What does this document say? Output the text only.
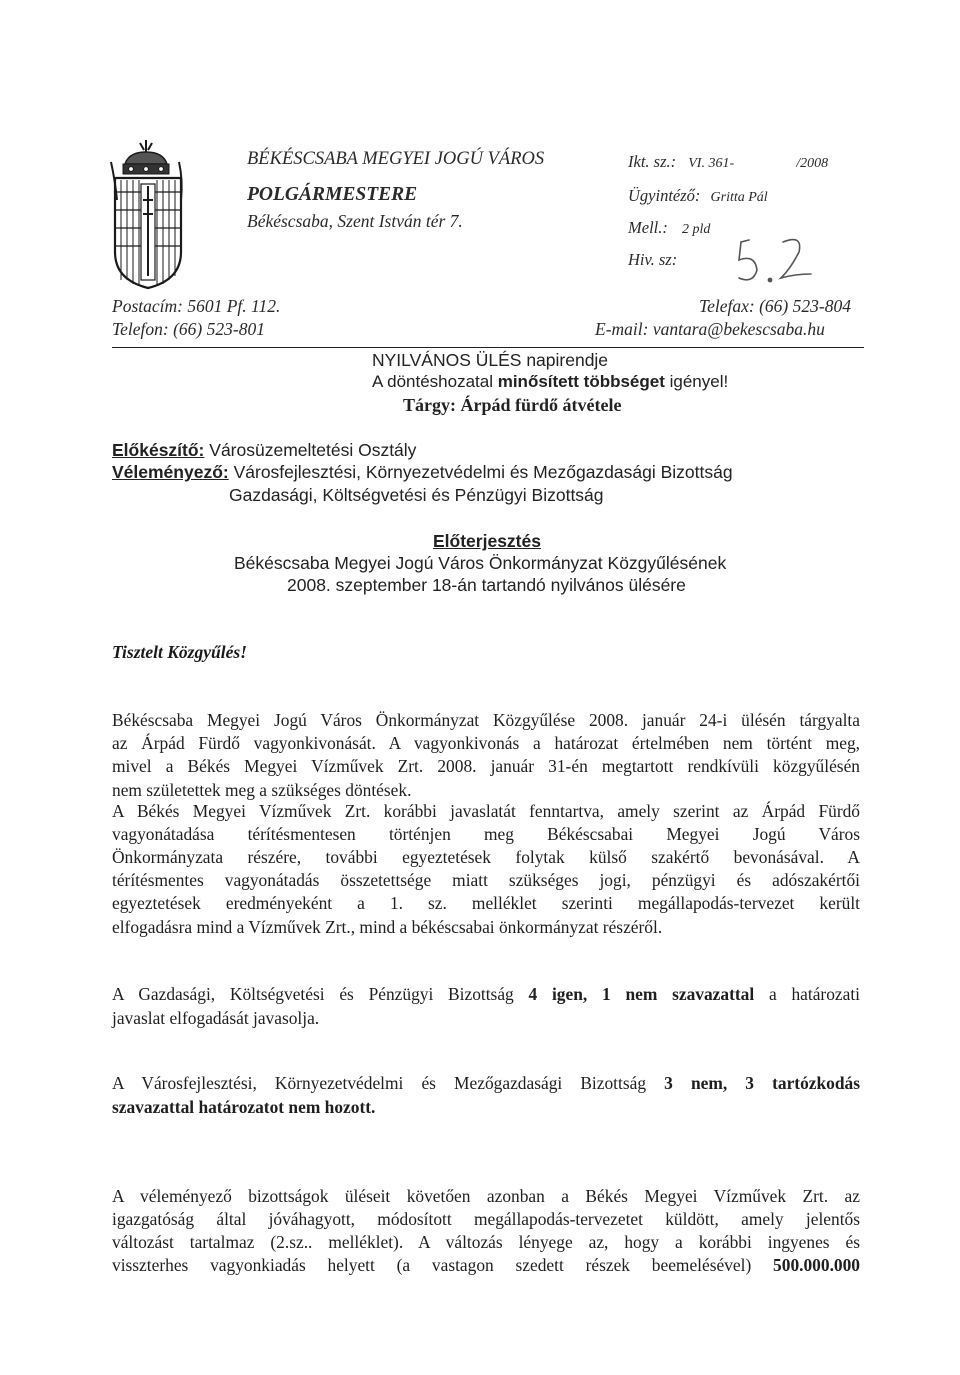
BÉKÉSCSABA MEGYEI JOGÚ VÁROS
POLGÁRMESTERE
Békéscsaba, Szent István tér 7.
Ikt. sz.: VI. 361-	/2008
Ügyintéző: Gritta Pál
Mell.: 2 pld
Hiv. sz:
5.2
Postacím: 5601 Pf. 112.
Telefon: (66) 523-801
Telefax: (66) 523-804
E-mail: vantara@bekescsaba.hu
NYILVÁNOS ÜLÉS napirendje
A döntéshozatal minősített többséget igényel!
Tárgy: Árpád fürdő átvétele
Előkészítő: Városüzemeltetési Osztály
Véleményező: Városfejlesztési, Környezetvédelmi és Mezőgazdasági Bizottság
Gazdasági, Költségvetési és Pénzügyi Bizottság
Előterjesztés
Békéscsaba Megyei Jogú Város Önkormányzat Közgyűlésének
2008. szeptember 18-án tartandó nyilvános ülésére
Tisztelt Közgyűlés!
Békéscsaba Megyei Jogú Város Önkormányzat Közgyűlése 2008. január 24-i ülésén tárgyalta
az Árpád Fürdő vagyonkivonását. A vagyonkivonás a határozat értelmében nem történt meg,
mivel a Békés Megyei Vízművek Zrt. 2008. január 31-én megtartott rendkívüli közgyűlésén
nem születettek meg a szükséges döntések.
A Békés Megyei Vízművek Zrt. korábbi javaslatát fenntartva, amely szerint az Árpád Fürdő
vagyonátadása térítésmentesen történjen meg Békéscsabai Megyei Jogú Város
Önkormányzata részére, további egyeztetések folytak külső szakértő bevonásával. A
térítésmentes vagyonátadás összetettsége miatt szükséges jogi, pénzügyi és adószakértői
egyeztetések eredményeként a 1. sz. melléklet szerinti megállapodás-tervezet került
elfogadásra mind a Vízművek Zrt., mind a békéscsabai önkormányzat részéről.
A Gazdasági, Költségvetési és Pénzügyi Bizottság 4 igen, 1 nem szavazattal a határozati
javaslat elfogadását javasolja.
A Városfejlesztési, Környezetvédelmi és Mezőgazdasági Bizottság 3 nem, 3 tartózkodás
szavazattal határozatot nem hozott.
A véleményező bizottságok üléseit követően azonban a Békés Megyei Vízművek Zrt. az
igazgatóság által jóváhagyott, módosított megállapodás-tervezetet küldött, amely jelentős
változást tartalmaz (2.sz.. melléklet). A változás lényege az, hogy a korábbi ingyenes és
visszterhes vagyonkiadás helyett (a vastagon szedett részek beemelésével) 500.000.000
